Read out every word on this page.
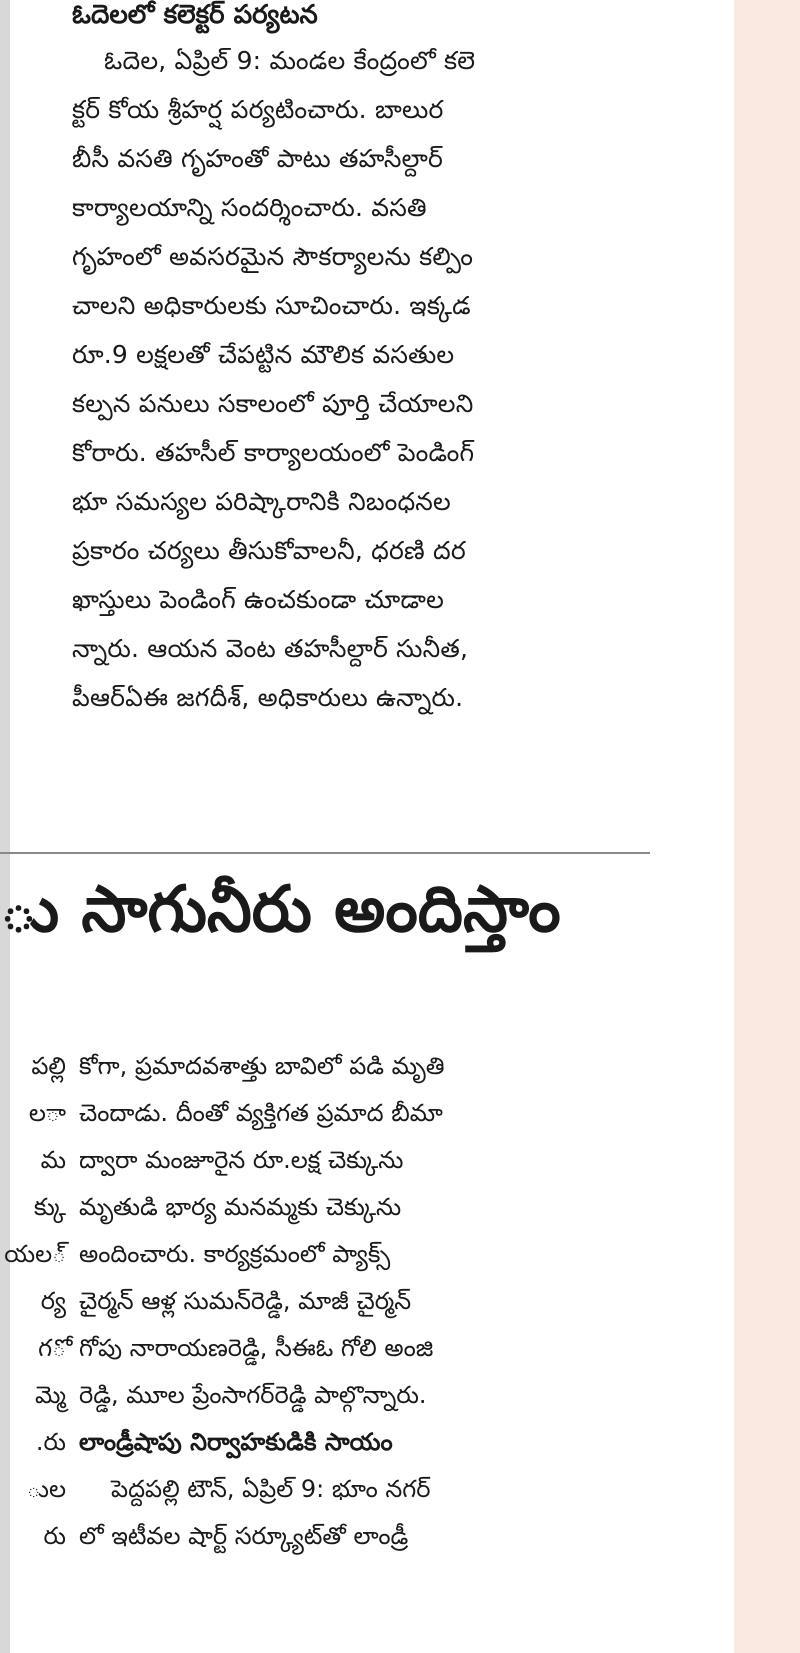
ఓదెలలో కలెక్టర్‌ పర్యటన
ఓదెల, ఏప్రిల్‌ 9: మండల కేంద్రంలో కలె
క్టర్‌ కోయ శ్రీహర్ష పర్యటించారు. బాలుర
బీసీ వసతి గృహంతో పాటు తహసీల్దార్‌
కార్యాలయాన్ని సందర్శించారు. వసతి
గృహంలో అవసరమైన సౌకర్యాలను కల్పిం
చాలని అధికారులకు సూచించారు. ఇక్కడ
రూ.9 లక్షలతో చేపట్టిన మౌలిక వసతుల
కల్పన పనులు సకాలంలో పూర్తి చేయాలని
కోరారు. తహసీల్‌ కార్యాలయంలో పెండింగ్‌
భూ సమస్యల పరిష్కారానికి నిబంధనల
ప్రకారం చర్యలు తీసుకోవాలనీ, ధరణి దర
ఖాస్తులు పెండింగ్‌ ఉంచకుండా చూడాల
న్నారు. ఆయన వెంట తహసీల్దార్‌ సునీత,
పీఆర్‌ఏఈ జగదీశ్‌, అధికారులు ఉన్నారు.
ు సాగునీరు అందిస్తాం
పల్లి
ాల
మ
క్కు
్యల
ర్య
ోగ
మ్మె
రు.
ుల
రు
కోగా, ప్రమాదవశాత్తు బావిలో పడి మృతి
చెందాడు. దీంతో వ్యక్తిగత ప్రమాద బీమా
ద్వారా మంజూరైన రూ.లక్ష చెక్కును
మృతుడి భార్య మనమ్మకు చెక్కును
అందించారు. కార్యక్రమంలో ప్యాక్స్‌
చైర్మన్‌ ఆళ్ల సుమన్‌రెడ్డి, మాజీ చైర్మన్‌
గోపు నారాయణరెడ్డి, సీఈఓ గోలి అంజి
రెడ్డి, మూల ప్రేంసాగర్‌రెడ్డి పాల్గొన్నారు.
లాండ్రీషాపు నిర్వాహకుడికి సాయం
పెద్దపల్లి టౌన్‌, ఏప్రిల్‌ 9: భూం నగర్‌
లో ఇటీవల షార్ట్‌ సర్క్యూట్‌తో లాండ్రీ
